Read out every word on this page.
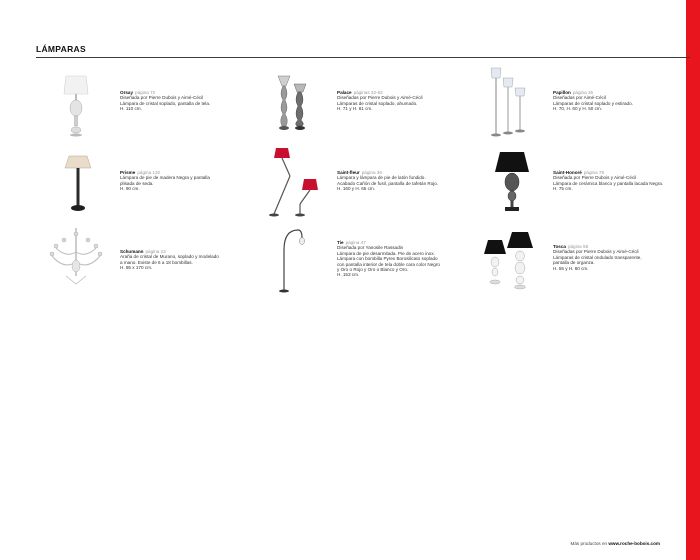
LÁMPARAS
Orsay página 72
Diseñada por Pierre Dubois y Aimé-Cécil
Lámpara de cristal soplado, pantalla de tela.
H. 110 cm.
Palace páginas 32-63
Diseñadas por Pierre Dubois y Aimé-Cécil
Lámparas de cristal soplado, ahumado.
H. 71 y H. 81 cm.
Papillon página 26
Diseñadas por Aimé-Cécil
Lámparas de cristal soplado y estirado.
H. 70, H. 60 y H. 50 cm.
Prisme página 132
Lámpara de pie de madera Negra y pantalla
plisada de seda.
H. 90 cm.
Saint-fleur página 36
Lámpara y lámpara de pie de latón fundido.
Acabado Cañón de fusil, pantalla de tafetán Rojo.
H. 160 y H. 65 cm.
Saint-Honoré página 79
Diseñada por Pierre Dubois y Aimé-Cécil
Lámpara de cerámica blanco y pantalla lacada Negra.
H. 75 cm.
Schumann página 23
Araña de cristal de Murano, soplado y modelado
a mano. Existe de 6 a 18 bombillas.
H. 95 x 170 cm.
Tie página 47
Diseñada por Yanosile Rassadin
Lámpara de pie desarmitada. Pie de acero inox.
Lámpara con bombilla Pyrex Borosilicato soplado
con pantalla interior de tela doble cara color Negro
y Oro o Rojo y Oro o Blanco y Oro.
H. 153 cm.
Tosca página 58
Diseñadas por Pierre Dubois y Aimé-Cécil
Lámparas de cristal ondulado transparente,
pantalla de organza.
H. 55 y H. 60 cm.
Más productos en www.roche-bobois.com
